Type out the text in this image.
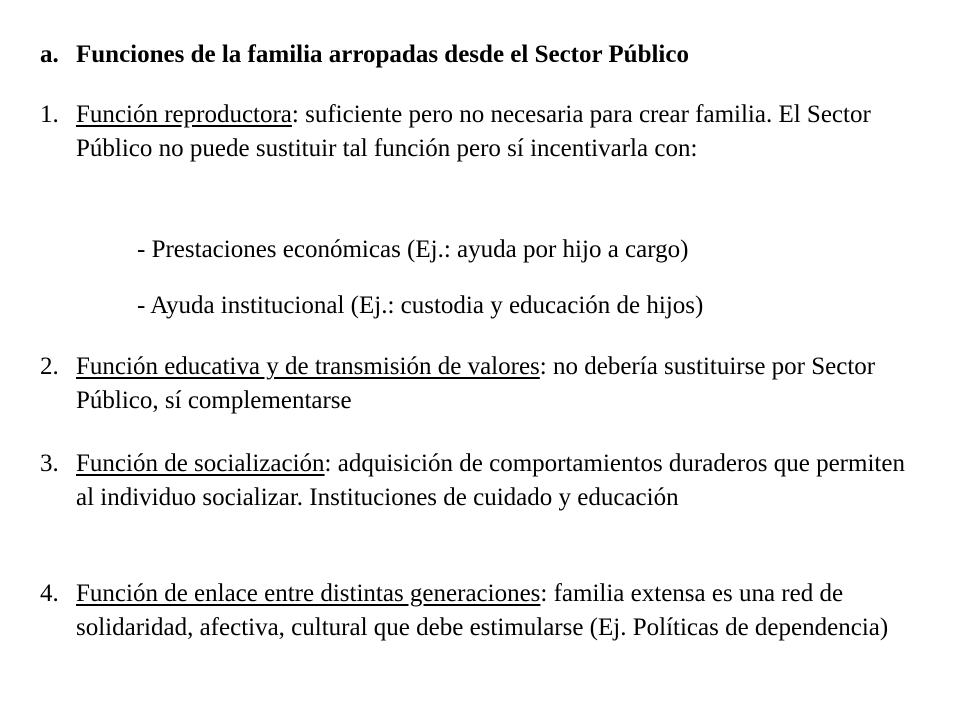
a. Funciones de la familia arropadas desde el Sector Público
1. Función reproductora: suficiente pero no necesaria para crear familia. El Sector Público no puede sustituir tal función pero sí incentivarla con:
- Prestaciones económicas (Ej.: ayuda por hijo a cargo)
- Ayuda institucional (Ej.: custodia y educación de hijos)
2. Función educativa y de transmisión de valores: no debería sustituirse por Sector Público, sí complementarse
3. Función de socialización: adquisición de comportamientos duraderos que permiten al individuo socializar. Instituciones de cuidado y educación
4. Función de enlace entre distintas generaciones: familia extensa es una red de solidaridad, afectiva, cultural que debe estimularse (Ej. Políticas de dependencia)
